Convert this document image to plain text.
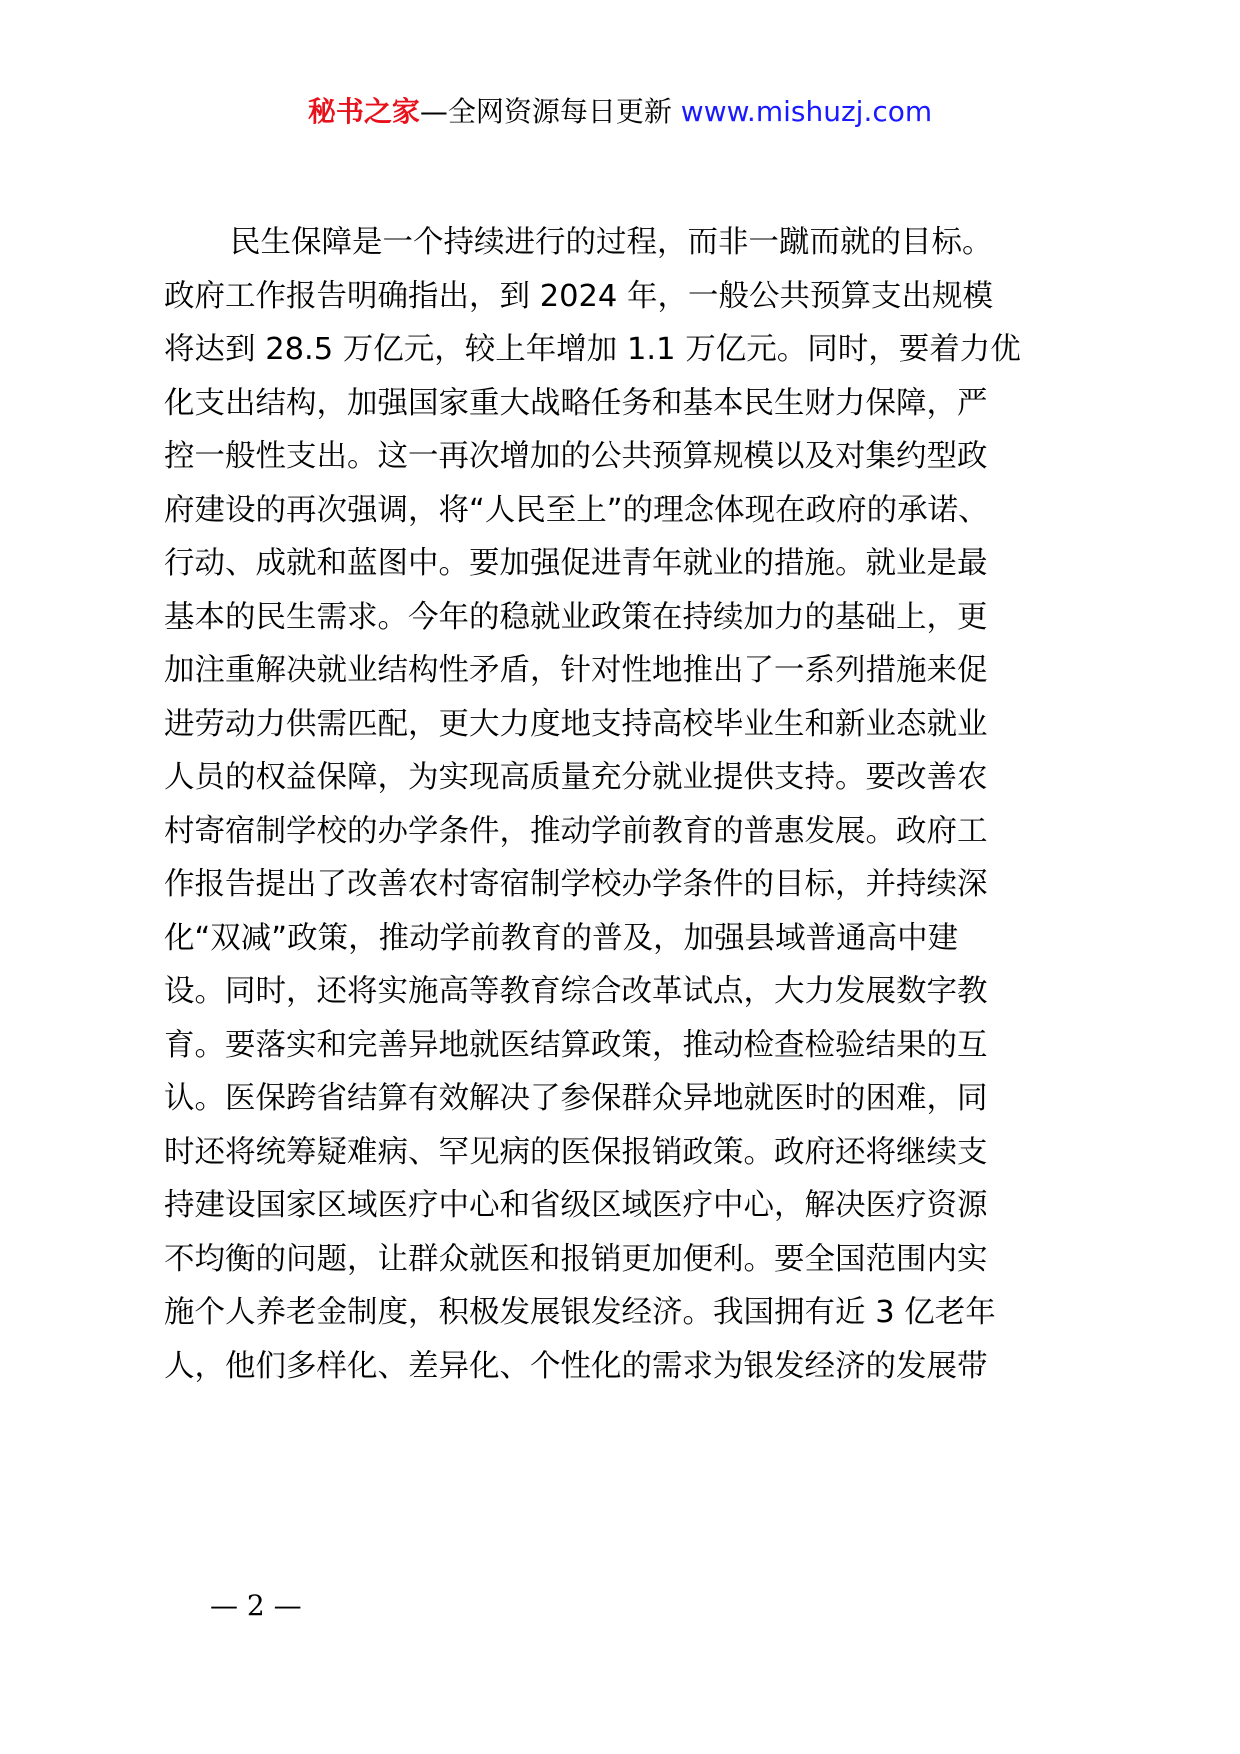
秘书之家—全网资源每日更新 www.mishuzj.com
民生保障是一个持续进行的过程，而非一蹴而就的目标。
政府工作报告明确指出，到 2024 年，一般公共预算支出规模
将达到 28.5 万亿元，较上年增加 1.1 万亿元。同时，要着力优
化支出结构，加强国家重大战略任务和基本民生财力保障，严
控一般性支出。这一再次增加的公共预算规模以及对集约型政
府建设的再次强调，将“人民至上”的理念体现在政府的承诺、
行动、成就和蓝图中。要加强促进青年就业的措施。就业是最
基本的民生需求。今年的稳就业政策在持续加力的基础上，更
加注重解决就业结构性矛盾，针对性地推出了一系列措施来促
进劳动力供需匹配，更大力度地支持高校毕业生和新业态就业
人员的权益保障，为实现高质量充分就业提供支持。要改善农
村寄宿制学校的办学条件，推动学前教育的普惠发展。政府工
作报告提出了改善农村寄宿制学校办学条件的目标，并持续深
化“双减”政策，推动学前教育的普及，加强县域普通高中建
设。同时，还将实施高等教育综合改革试点，大力发展数字教
育。要落实和完善异地就医结算政策，推动检查检验结果的互
认。医保跨省结算有效解决了参保群众异地就医时的困难，同
时还将统筹疑难病、罕见病的医保报销政策。政府还将继续支
持建设国家区域医疗中心和省级区域医疗中心，解决医疗资源
不均衡的问题，让群众就医和报销更加便利。要全国范围内实
施个人养老金制度，积极发展银发经济。我国拥有近 3 亿老年
人，他们多样化、差异化、个性化的需求为银发经济的发展带
— 2 —
